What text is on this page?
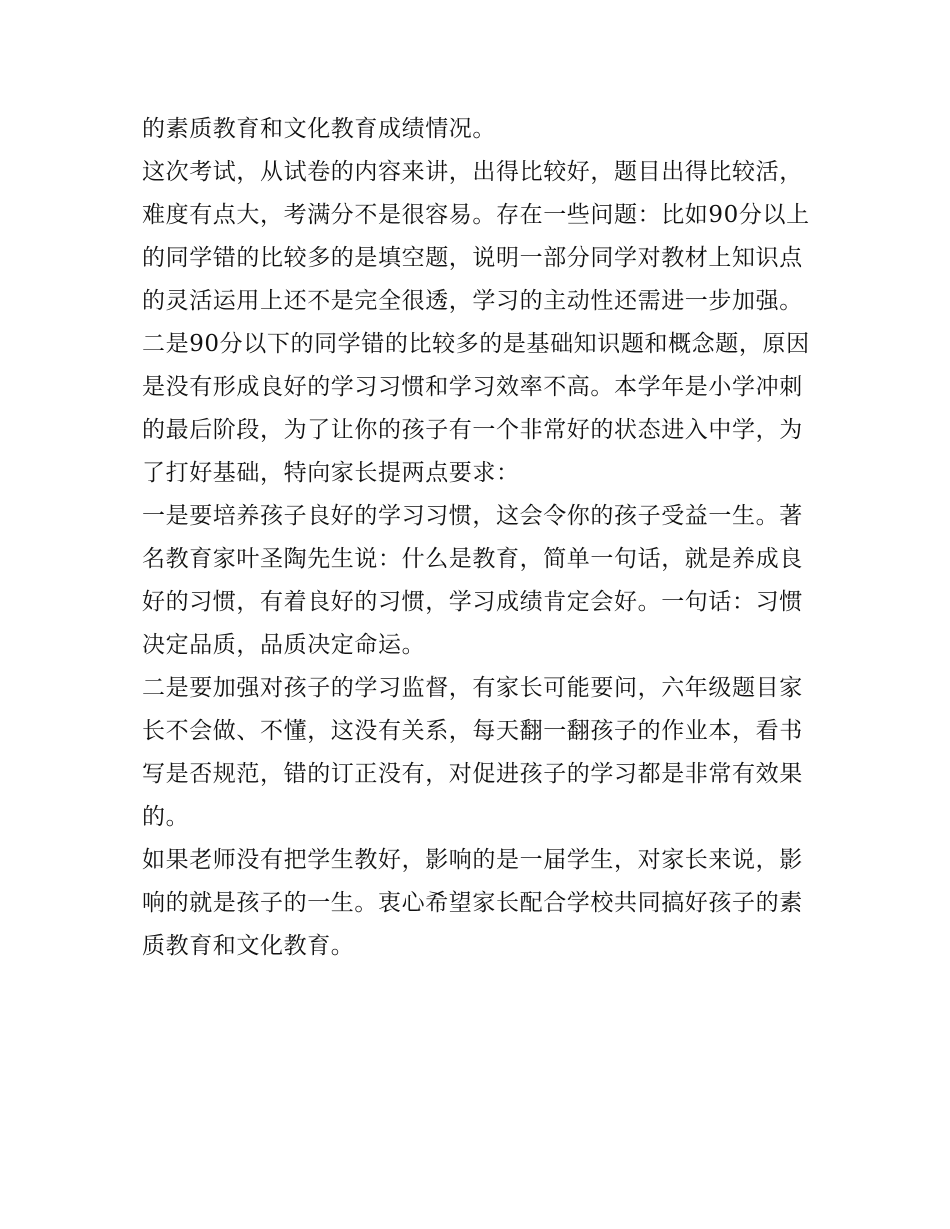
的素质教育和文化教育成绩情况。

这次考试，从试卷的内容来讲，出得比较好，题目出得比较活，难度有点大，考满分不是很容易。存在一些问题：比如90分以上的同学错的比较多的是填空题，说明一部分同学对教材上知识点的灵活运用上还不是完全很透，学习的主动性还需进一步加强。二是90分以下的同学错的比较多的是基础知识题和概念题，原因是没有形成良好的学习习惯和学习效率不高。本学年是小学冲刺的最后阶段，为了让你的孩子有一个非常好的状态进入中学，为了打好基础，特向家长提两点要求：

一是要培养孩子良好的学习习惯，这会令你的孩子受益一生。著名教育家叶圣陶先生说：什么是教育，简单一句话，就是养成良好的习惯，有着良好的习惯，学习成绩肯定会好。一句话：习惯决定品质，品质决定命运。

二是要加强对孩子的学习监督，有家长可能要问，六年级题目家长不会做、不懂，这没有关系，每天翻一翻孩子的作业本，看书写是否规范，错的订正没有，对促进孩子的学习都是非常有效果的。

如果老师没有把学生教好，影响的是一届学生，对家长来说，影响的就是孩子的一生。衷心希望家长配合学校共同搞好孩子的素质教育和文化教育。
